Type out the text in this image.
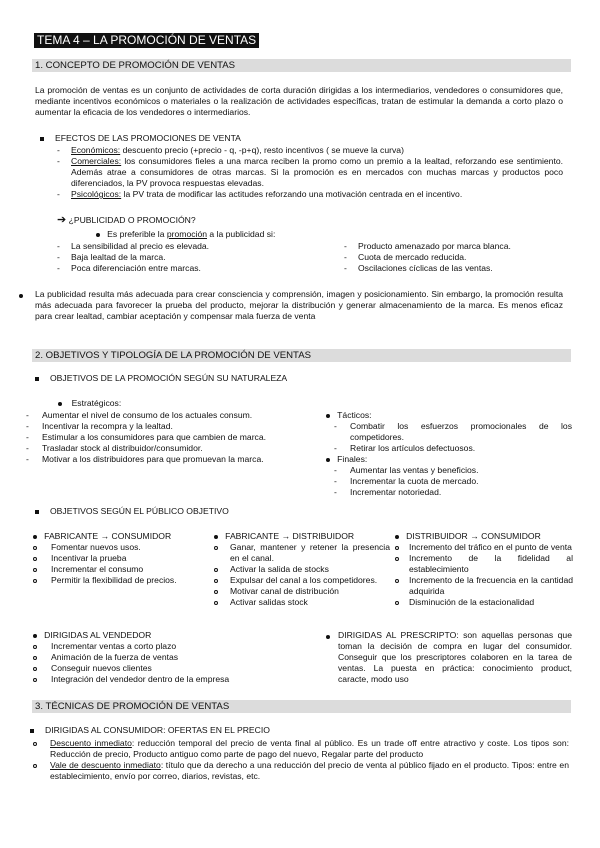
TEMA 4 – LA PROMOCIÓN DE VENTAS
1. CONCEPTO DE PROMOCIÓN DE VENTAS
La promoción de ventas es un conjunto de actividades de corta duración dirigidas a los intermediarios, vendedores o consumidores que, mediante incentivos económicos o materiales o la realización de actividades específicas, tratan de estimular la demanda a corto plazo o aumentar la eficacia de los vendedores o intermediarios.
EFECTOS DE LAS PROMOCIONES DE VENTA
- Económicos: descuento precio (+precio - q, -p+q), resto incentivos ( se mueve la curva)
- Comerciales: los consumidores fieles a una marca reciben la promo como un premio a la lealtad, reforzando ese sentimiento. Además atrae a consumidores de otras marcas. Si la promoción es en mercados con muchas marcas y productos poco diferenciados, la PV provoca respuestas elevadas.
- Psicológicos: la PV trata de modificar las actitudes reforzando una motivación centrada en el incentivo.
➔ ¿PUBLICIDAD O PROMOCIÓN?
Es preferible la promoción a la publicidad si:
- La sensibilidad al precio es elevada.
- Baja lealtad de la marca.
- Poca diferenciación entre marcas.
- Producto amenazado por marca blanca.
- Cuota de mercado reducida.
- Oscilaciones cíclicas de las ventas.
La publicidad resulta más adecuada para crear consciencia y comprensión, imagen y posicionamiento. Sin embargo, la promoción resulta más adecuada para favorecer la prueba del producto, mejorar la distribución y generar almacenamiento de la marca. Es menos eficaz para crear lealtad, cambiar aceptación y compensar mala fuerza de venta
2. OBJETIVOS Y TIPOLOGÍA DE LA PROMOCIÓN DE VENTAS
OBJETIVOS DE LA PROMOCIÓN SEGÚN SU NATURALEZA
Estratégicos:
- Aumentar el nivel de consumo de los actuales consum.
- Incentivar la recompra y la lealtad.
- Estimular a los consumidores para que cambien de marca.
- Trasladar stock al distribuidor/consumidor.
- Motivar a los distribuidores para que promuevan la marca.
Tácticos:
- Combatir los esfuerzos promocionales de los competidores.
- Retirar los artículos defectuosos.
Finales:
- Aumentar las ventas y beneficios.
- Incrementar la cuota de mercado.
- Incrementar notoriedad.
OBJETIVOS SEGÚN EL PÚBLICO OBJETIVO
FABRICANTE → CONSUMIDOR
Fomentar nuevos usos.
Incentivar la prueba
Incrementar el consumo
Permitir la flexibilidad de precios.
FABRICANTE → DISTRIBUIDOR
Ganar, mantener y retener la presencia en el canal.
Activar la salida de stocks
Expulsar del canal a los competidores.
Motivar canal de distribución
Activar salidas stock
DISTRIBUIDOR → CONSUMIDOR
Incremento del tráfico en el punto de venta
Incremento de la fidelidad al establecimiento
Incremento de la frecuencia en la cantidad adquirida
Disminución de la estacionalidad
DIRIGIDAS AL VENDEDOR
Incrementar ventas a corto plazo
Animación de la fuerza de ventas
Conseguir nuevos clientes
Integración del vendedor dentro de la empresa
DIRIGIDAS AL PRESCRIPTO: son aquellas personas que toman la decisión de compra en lugar del consumidor. Conseguir que los prescriptores colaboren en la tarea de ventas. La puesta en práctica: conocimiento product, caracte, modo uso
3. TÉCNICAS DE PROMOCIÓN DE VENTAS
DIRIGIDAS AL CONSUMIDOR: OFERTAS EN EL PRECIO
Descuento inmediato: reducción temporal del precio de venta final al público. Es un trade off entre atractivo y coste. Los tipos son: Reducción de precio, Producto antiguo como parte de pago del nuevo, Regalar parte del producto
Vale de descuento inmediato: título que da derecho a una reducción del precio de venta al público fijado en el producto. Tipos: entre en establecimiento, envío por correo, diarios, revistas, etc.
